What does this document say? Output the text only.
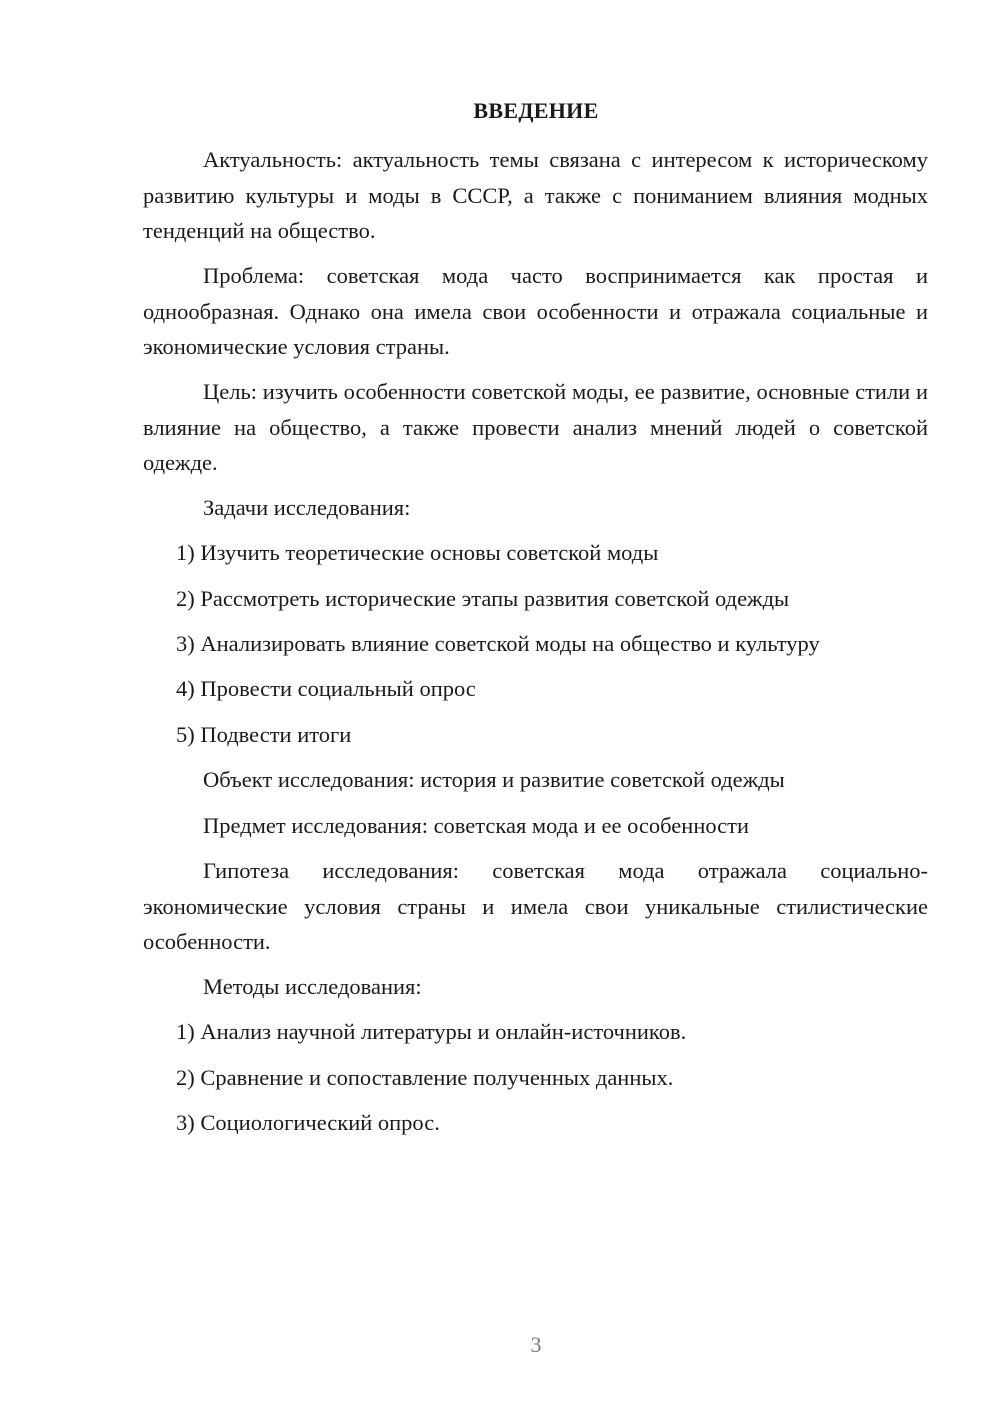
ВВЕДЕНИЕ

Актуальность: актуальность темы связана с интересом к историческому развитию культуры и моды в СССР, а также с пониманием влияния модных тенденций на общество.

Проблема: советская мода часто воспринимается как простая и однообразная. Однако она имела свои особенности и отражала социальные и экономические условия страны.

Цель: изучить особенности советской моды, ее развитие, основные стили и влияние на общество, а также провести анализ мнений людей о советской одежде.

Задачи исследования:
1) Изучить теоретические основы советской моды
2) Рассмотреть исторические этапы развития советской одежды
3) Анализировать влияние советской моды на общество и культуру
4) Провести социальный опрос
5) Подвести итоги
Объект исследования: история и развитие советской одежды
Предмет исследования: советская мода и ее особенности

Гипотеза исследования: советская мода отражала социально-экономические условия страны и имела свои уникальные стилистические особенности.

Методы исследования:
1) Анализ научной литературы и онлайн-источников.
2) Сравнение и сопоставление полученных данных.
3) Социологический опрос.
3
